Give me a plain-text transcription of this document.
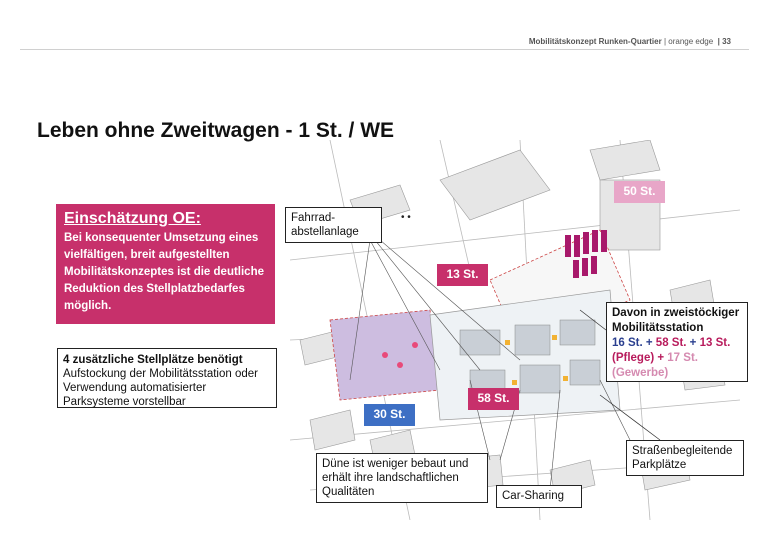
Mobilitätskonzept Runken-Quartier | orange edge | 33
Leben ohne Zweitwagen - 1 St. / WE
Einschätzung OE:
Bei konsequenter Umsetzung eines vielfältigen, breit aufgestellten Mobilitätskonzeptes ist die deutliche Reduktion des Stellplatzbedarfes möglich.
4 zusätzliche Stellplätze benötigt
Aufstockung der Mobilitätsstation oder Verwendung automatisierter Parksysteme vorstellbar
• •
Fahrrad-abstellanlage
Düne ist weniger bebaut und erhält ihre landschaftlichen Qualitäten	Car-Sharing
Straßenbegleitende Parkplätze
50 St.
13 St.
58 St.
30 St.
Davon in zweistöckiger Mobilitätsstation
16 St. + 58 St. + 13 St. (Pflege) + 17 St. (Gewerbe)
